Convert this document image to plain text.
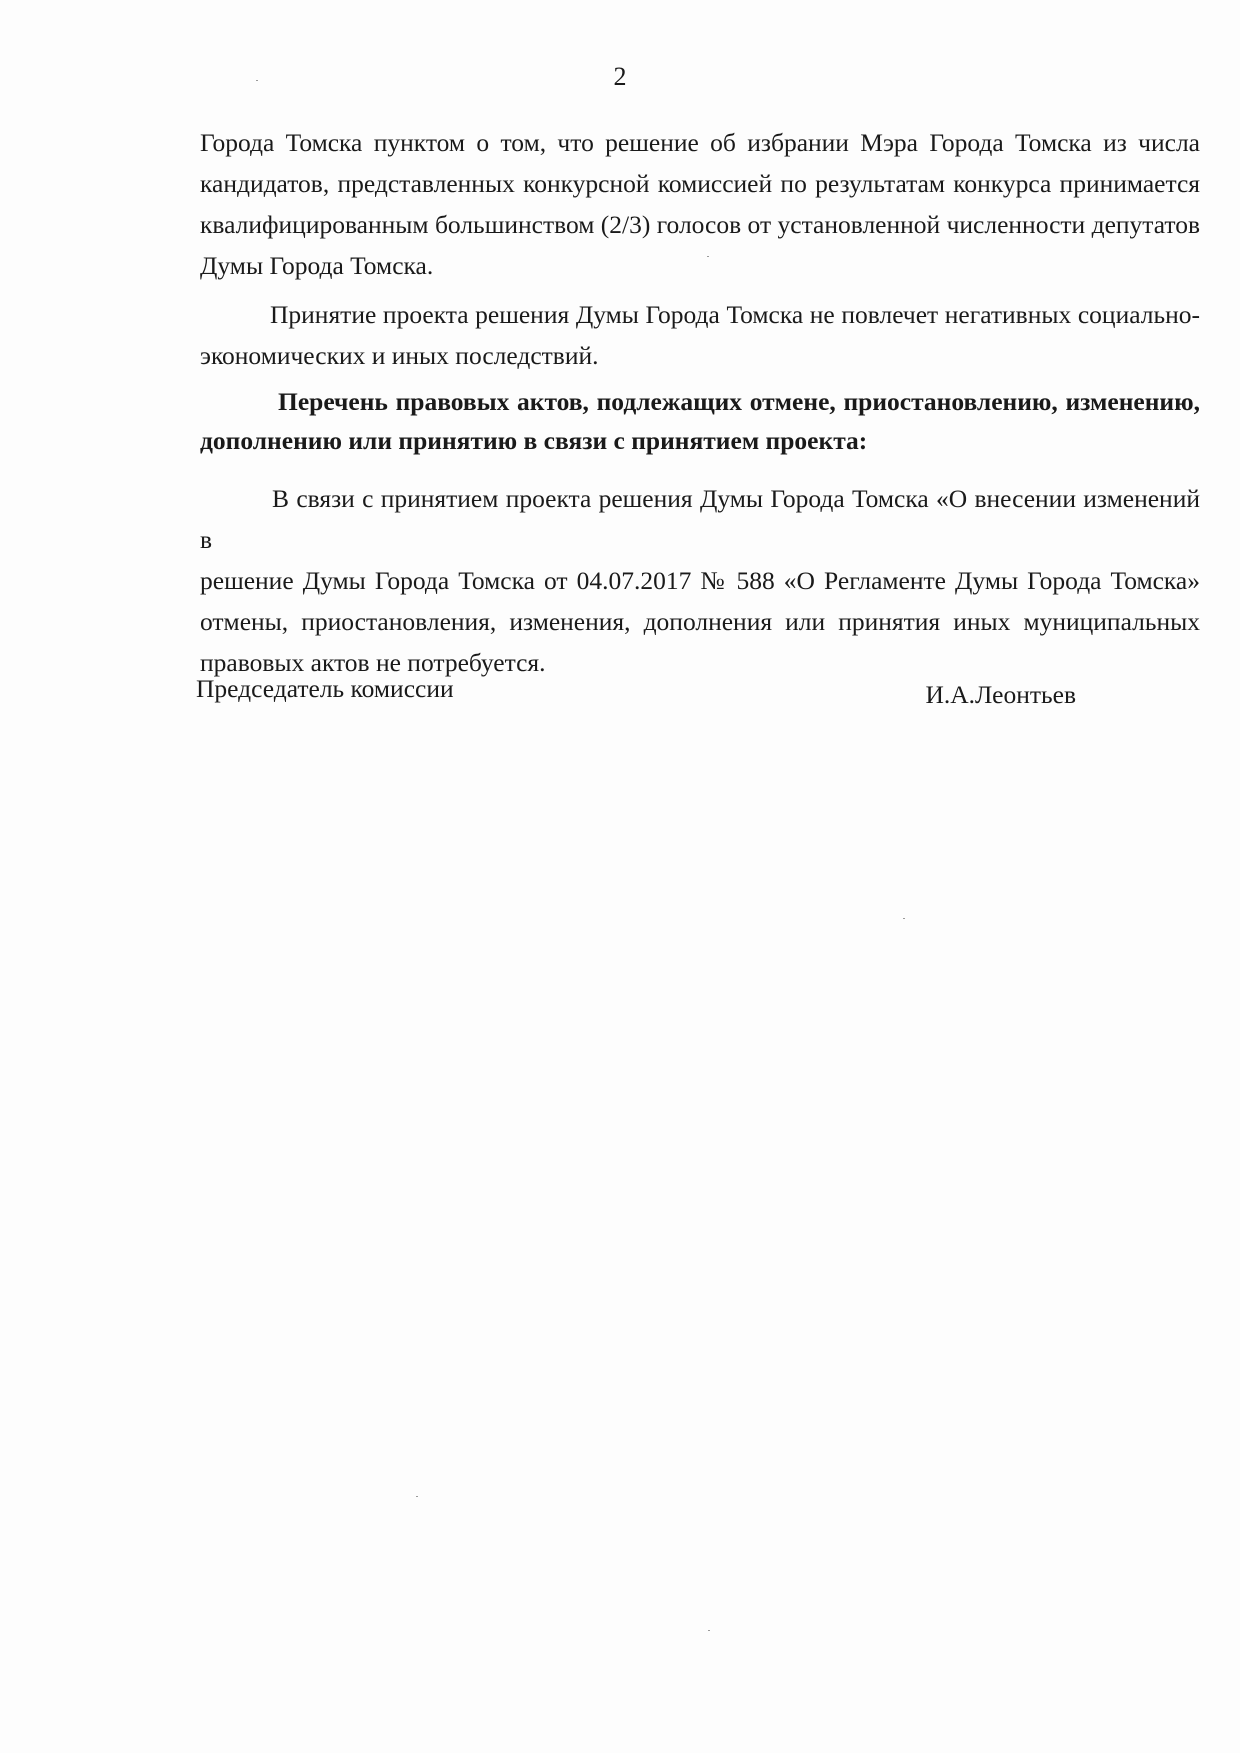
2
Города Томска пунктом о том, что решение об избрании Мэра Города Томска из числа
кандидатов, представленных конкурсной комиссией по результатам конкурса принимается
квалифицированным большинством (2/3) голосов от установленной численности депутатов
Думы Города Томска.
Принятие проекта решения Думы Города Томска не повлечет негативных социально-
экономических и иных последствий.
Перечень правовых актов, подлежащих отмене, приостановлению, изменению,
дополнению или принятию в связи с принятием проекта:
В связи с принятием проекта решения Думы Города Томска «О внесении изменений в
решение Думы Города Томска от 04.07.2017 № 588 «О Регламенте Думы Города Томска»
отмены, приостановления, изменения, дополнения или принятия иных муниципальных
правовых актов не потребуется.
Председатель комиссии	И.А.Леонтьев
